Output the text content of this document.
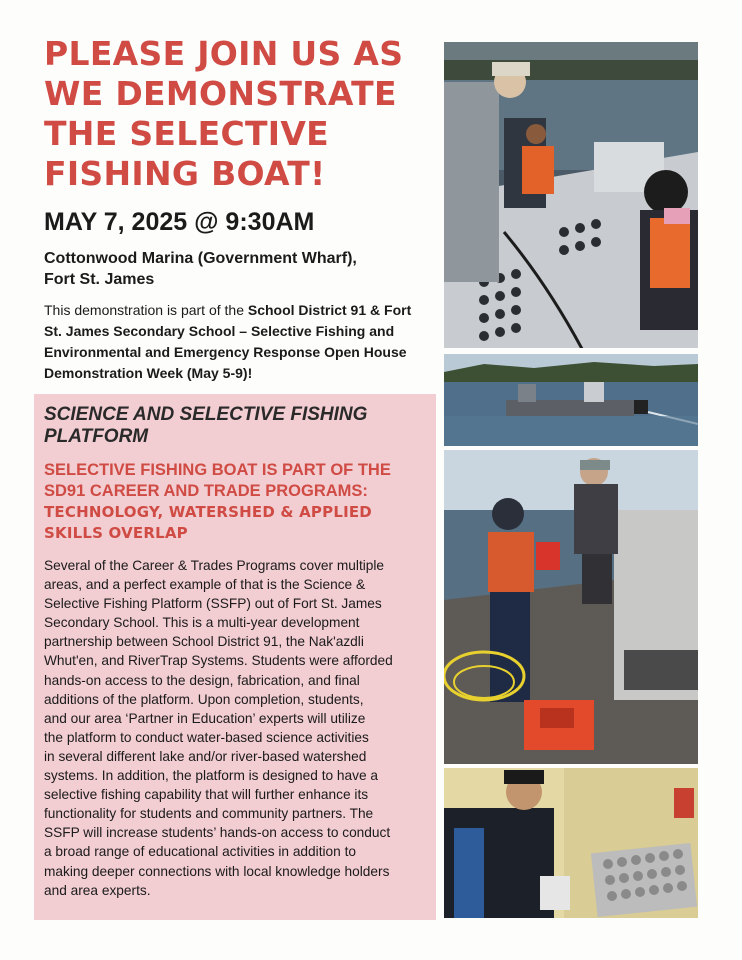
PLEASE JOIN US AS
WE DEMONSTRATE
THE SELECTIVE
FISHING BOAT!
MAY 7, 2025 @ 9:30AM

Cottonwood Marina (Government Wharf),
Fort St. James

This demonstration is part of the School District 91 & Fort St. James Secondary School – Selective Fishing and Environmental and Emergency Response Open House Demonstration Week (May 5-9)!

SCIENCE AND SELECTIVE FISHING
PLATFORM
SELECTIVE FISHING BOAT IS PART OF THE
SD91 CAREER AND TRADE PROGRAMS:
TECHNOLOGY, WATERSHED & APPLIED
SKILLS OVERLAP

Several of the Career & Trades Programs cover multiple
areas, and a perfect example of that is the Science &
Selective Fishing Platform (SSFP) out of Fort St. James
Secondary School. This is a multi-year development
partnership between School District 91, the Nak'azdli
Whut'en, and RiverTrap Systems. Students were afforded
hands-on access to the design, fabrication, and final
additions of the platform. Upon completion, students,
and our area ‘Partner in Education’ experts will utilize
the platform to conduct water-based science activities
in several different lake and/or river-based watershed
systems. In addition, the platform is designed to have a
selective fishing capability that will further enhance its
functionality for students and community partners. The
SSFP will increase students’ hands-on access to conduct
a broad range of educational activities in addition to
making deeper connections with local knowledge holders
and area experts.
